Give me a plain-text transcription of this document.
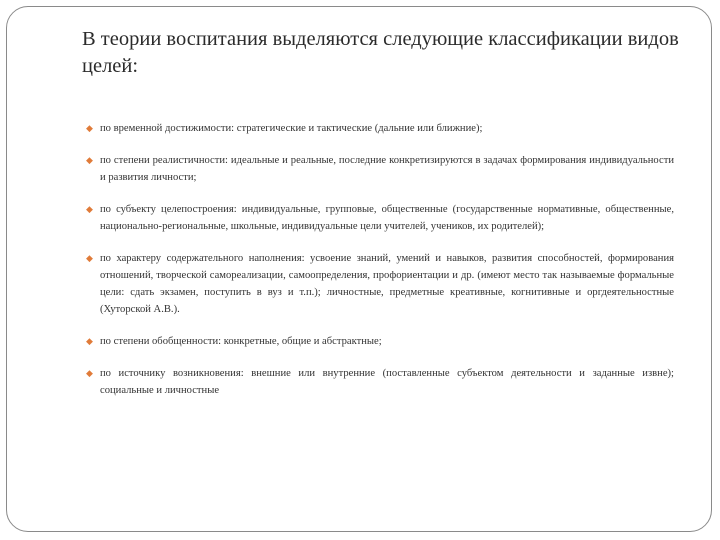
В теории воспитания выделяются следующие классификации видов целей:
◆ по временной достижимости: стратегические и тактические (дальние или ближние);
◆ по степени реалистичности: идеальные и реальные, последние конкретизируются в задачах формирования индивидуальности и развития личности;
◆ по субъекту целепостроения: индивидуальные, групповые, общественные (государственные нормативные, общественные, национально-региональные, школьные, индивидуальные цели учителей, учеников, их родителей);
◆ по характеру содержательного наполнения: усвоение знаний, умений и навыков, развития способностей, формирования отношений, творческой самореализации, самоопределения, профориентации и др. (имеют место так называемые формальные цели: сдать экзамен, поступить в вуз и т.п.); личностные, предметные креативные, когнитивные и оргдеятельностные (Хуторской А.В.).
◆ по степени обобщенности: конкретные, общие и абстрактные;
◆ по источнику возникновения: внешние или внутренние (поставленные субъектом деятельности и заданные извне); социальные и личностные
